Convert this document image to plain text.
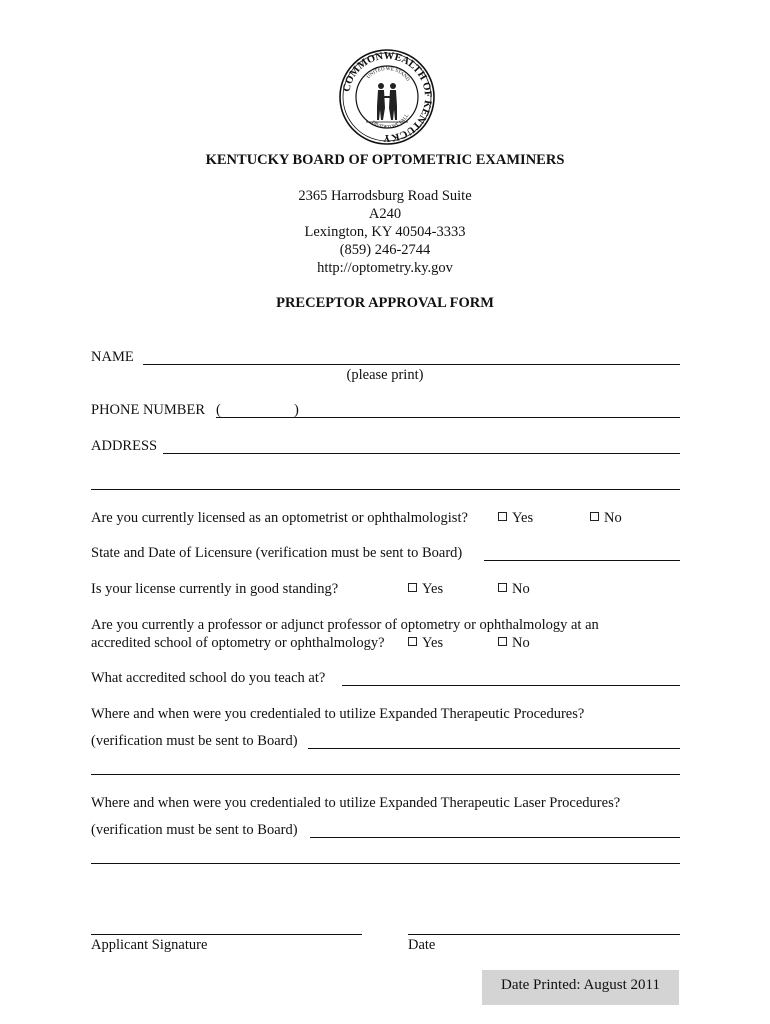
COMMONWEALTH OF KENTUCKY
UNITED WE STAND
DIVIDED WE FALL
KENTUCKY BOARD OF OPTOMETRIC EXAMINERS
2365 Harrodsburg Road Suite
A240
Lexington, KY 40504-3333
(859) 246-2744
http://optometry.ky.gov
PRECEPTOR APPROVAL FORM
NAME
(please print)
PHONE NUMBER (	)
ADDRESS
Are you currently licensed as an optometrist or ophthalmologist?	Yes	No
State and Date of Licensure (verification must be sent to Board)
Is your license currently in good standing?	Yes	No
Are you currently a professor or adjunct professor of optometry or ophthalmology at an
accredited school of optometry or ophthalmology?	Yes	No
What accredited school do you teach at?
Where and when were you credentialed to utilize Expanded Therapeutic Procedures?
(verification must be sent to Board)
Where and when were you credentialed to utilize Expanded Therapeutic Laser Procedures?
(verification must be sent to Board)
Applicant Signature	Date
Date Printed: August 2011
